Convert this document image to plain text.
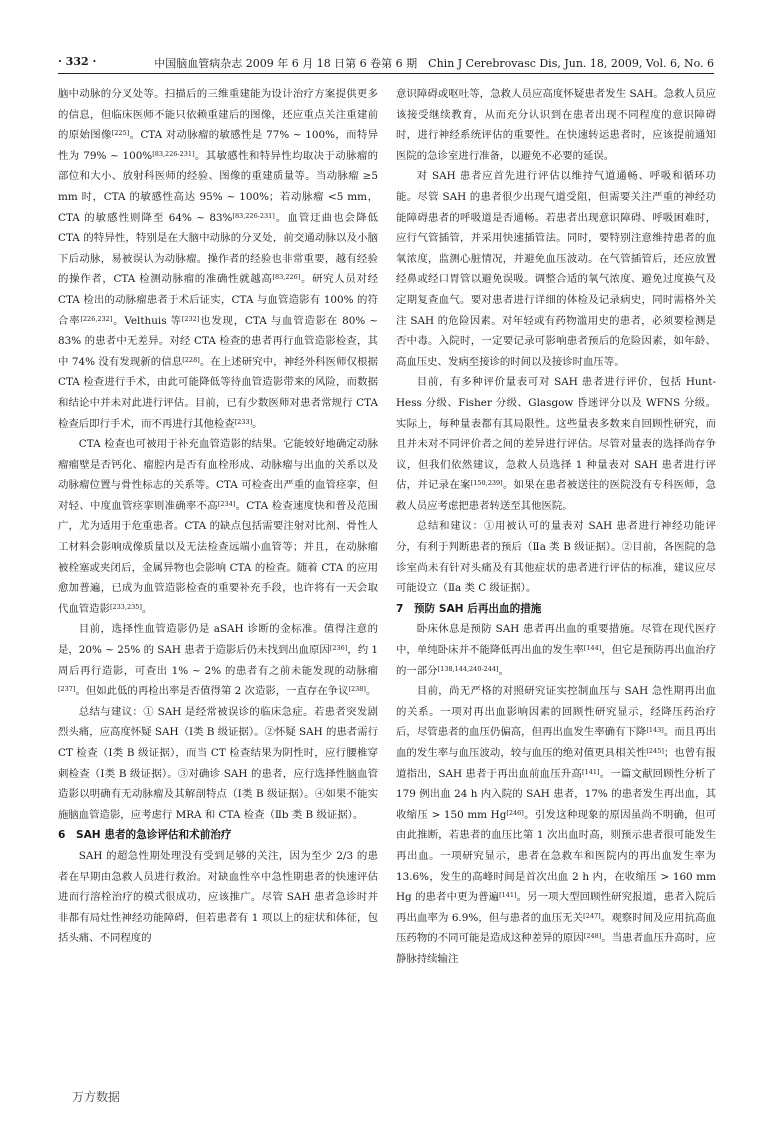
· 332 ·	中国脑血管病杂志 2009 年 6 月 18 日第 6 卷第 6 期　Chin J Cerebrovasc Dis, Jun. 18, 2009, Vol. 6, No. 6

脑中动脉的分叉处等。扫描后的三维重建能为设计治疗方案提供更多的信息，但临床医师不能只依赖重建后的图像，还应重点关注重建前的原始图像[225]。CTA 对动脉瘤的敏感性是 77% ~ 100%，而特异性为 79% ~ 100%[83,226-231]。其敏感性和特异性均取决于动脉瘤的部位和大小、放射科医师的经验、图像的重建质量等。当动脉瘤 ≥5 mm 时，CTA 的敏感性高达 95% ~ 100%；若动脉瘤 <5 mm，CTA 的敏感性则降至 64% ~ 83%[83,226-231]。血管迂曲也会降低 CTA 的特异性，特别是在大脑中动脉的分叉处，前交通动脉以及小脑下后动脉，易被误认为动脉瘤。操作者的经验也非常重要，越有经验的操作者，CTA 检测动脉瘤的准确性就越高[83,226]。研究人员对经 CTA 检出的动脉瘤患者于术后证实，CTA 与血管造影有 100% 的符合率[226,232]。Velthuis 等[232]也发现，CTA 与血管造影在 80% ~ 83% 的患者中无差异。对经 CTA 检查的患者再行血管造影检查，其中 74% 没有发现新的信息[228]。在上述研究中，神经外科医师仅根据 CTA 检查进行手术，由此可能降低等待血管造影带来的风险，而数据和结论中并未对此进行评估。目前，已有少数医师对患者常规行 CTA 检查后即行手术，而不再进行其他检查[233]。

CTA 检查也可被用于补充血管造影的结果。它能较好地确定动脉瘤瘤壁是否钙化、瘤腔内是否有血栓形成、动脉瘤与出血的关系以及动脉瘤位置与骨性标志的关系等。CTA 可检查出严重的血管痉挛，但对轻、中度血管痉挛则准确率不高[234]。CTA 检查速度快和普及范围广，尤为适用于危重患者。CTA 的缺点包括需要注射对比剂、骨性人工材料会影响成像质量以及无法检查远端小血管等；并且，在动脉瘤被栓塞或夹闭后，金属异物也会影响 CTA 的检查。随着 CTA 的应用愈加普遍，已成为血管造影检查的重要补充手段，也许将有一天会取代血管造影[233,235]。

目前，选择性血管造影仍是 aSAH 诊断的金标准。值得注意的是，20% ~ 25% 的 SAH 患者于造影后仍未找到出血原因[236]，约 1 周后再行造影，可查出 1% ~ 2% 的患者有之前未能发现的动脉瘤[237]。但如此低的再检出率是否值得第 2 次造影，一直存在争议[238]。

总结与建议：① SAH 是经常被误诊的临床急症。若患者突发剧烈头痛，应高度怀疑 SAH（Ⅰ类 B 级证据）。②怀疑 SAH 的患者需行 CT 检查（Ⅰ类 B 级证据），而当 CT 检查结果为阴性时，应行腰椎穿刺检查（Ⅰ类 B 级证据）。③对确诊 SAH 的患者，应行选择性脑血管造影以明确有无动脉瘤及其解剖特点（Ⅰ类 B 级证据）。④如果不能实施脑血管造影，应考虑行 MRA 和 CTA 检查（Ⅱb 类 B 级证据）。

6　SAH 患者的急诊评估和术前治疗

SAH 的超急性期处理没有受到足够的关注，因为至少 2/3 的患者在早期由急救人员进行救治。对缺血性卒中急性期患者的快速评估进而行溶栓治疗的模式很成功，应该推广。尽管 SAH 患者急诊时并非都有局灶性神经功能障碍，但若患者有 1 项以上的症状和体征，包括头痛、不同程度的

意识障碍或呕吐等，急救人员应高度怀疑患者发生 SAH。急救人员应该接受继续教育，从而充分认识到在患者出现不同程度的意识障碍时，进行神经系统评估的重要性。在快速转运患者时，应该提前通知医院的急诊室进行准备，以避免不必要的延误。

对 SAH 患者应首先进行评估以维持气道通畅、呼吸和循环功能。尽管 SAH 的患者很少出现气道受阻，但需要关注严重的神经功能障碍患者的呼吸道是否通畅。若患者出现意识障碍、呼吸困难时，应行气管插管，并采用快速插管法。同时，要特别注意维持患者的血氧浓度，监测心脏情况，并避免血压波动。在气管插管后，还应放置经鼻或经口胃管以避免误吸。调整合适的氧气浓度、避免过度换气及定期复查血气。要对患者进行详细的体检及记录病史，同时需格外关注 SAH 的危险因素。对年轻或有药物滥用史的患者，必须要检测是否中毒。入院时，一定要记录可影响患者预后的危险因素，如年龄、高血压史、发病至接诊的时间以及接诊时血压等。

目前，有多种评价量表可对 SAH 患者进行评价，包括 Hunt-Hess 分级、Fisher 分级、Glasgow 昏迷评分以及 WFNS 分级。实际上，每种量表都有其局限性。这些量表多数来自回顾性研究，而且并未对不同评价者之间的差异进行评估。尽管对量表的选择尚存争议，但我们依然建议，急救人员选择 1 种量表对 SAH 患者进行评估，并记录在案[150,239]。如果在患者被送往的医院没有专科医师，急救人员应考虑把患者转送至其他医院。

总结和建议：①用被认可的量表对 SAH 患者进行神经功能评分，有利于判断患者的预后（Ⅱa 类 B 级证据）。②目前，各医院的急诊室尚未有针对头痛及有其他症状的患者进行评估的标准，建议应尽可能设立（Ⅱa 类 C 级证据）。

7　预防 SAH 后再出血的措施

卧床休息是预防 SAH 患者再出血的重要措施。尽管在现代医疗中，单纯卧床并不能降低再出血的发生率[144]，但它是预防再出血治疗的一部分[138,144,240-244]。

目前，尚无严格的对照研究证实控制血压与 SAH 急性期再出血的关系。一项对再出血影响因素的回顾性研究显示，经降压药治疗后，尽管患者的血压仍偏高，但再出血发生率确有下降[143]。而且再出血的发生率与血压波动，较与血压的绝对值更具相关性[245]；也曾有报道指出，SAH 患者于再出血前血压升高[141]。一篇文献回顾性分析了 179 例出血 24 h 内入院的 SAH 患者，17% 的患者发生再出血，其收缩压 > 150 mm Hg[246]。引发这种现象的原因虽尚不明确，但可由此推断，若患者的血压比第 1 次出血时高，则预示患者很可能发生再出血。一项研究显示，患者在急救车和医院内的再出血发生率为 13.6%，发生的高峰时间是首次出血 2 h 内，在收缩压 > 160 mm Hg 的患者中更为普遍[141]。另一项大型回顾性研究报道，患者入院后再出血率为 6.9%，但与患者的血压无关[247]。观察时间及应用抗高血压药物的不同可能是造成这种差异的原因[248]。当患者血压升高时，应静脉持续输注

万方数据
